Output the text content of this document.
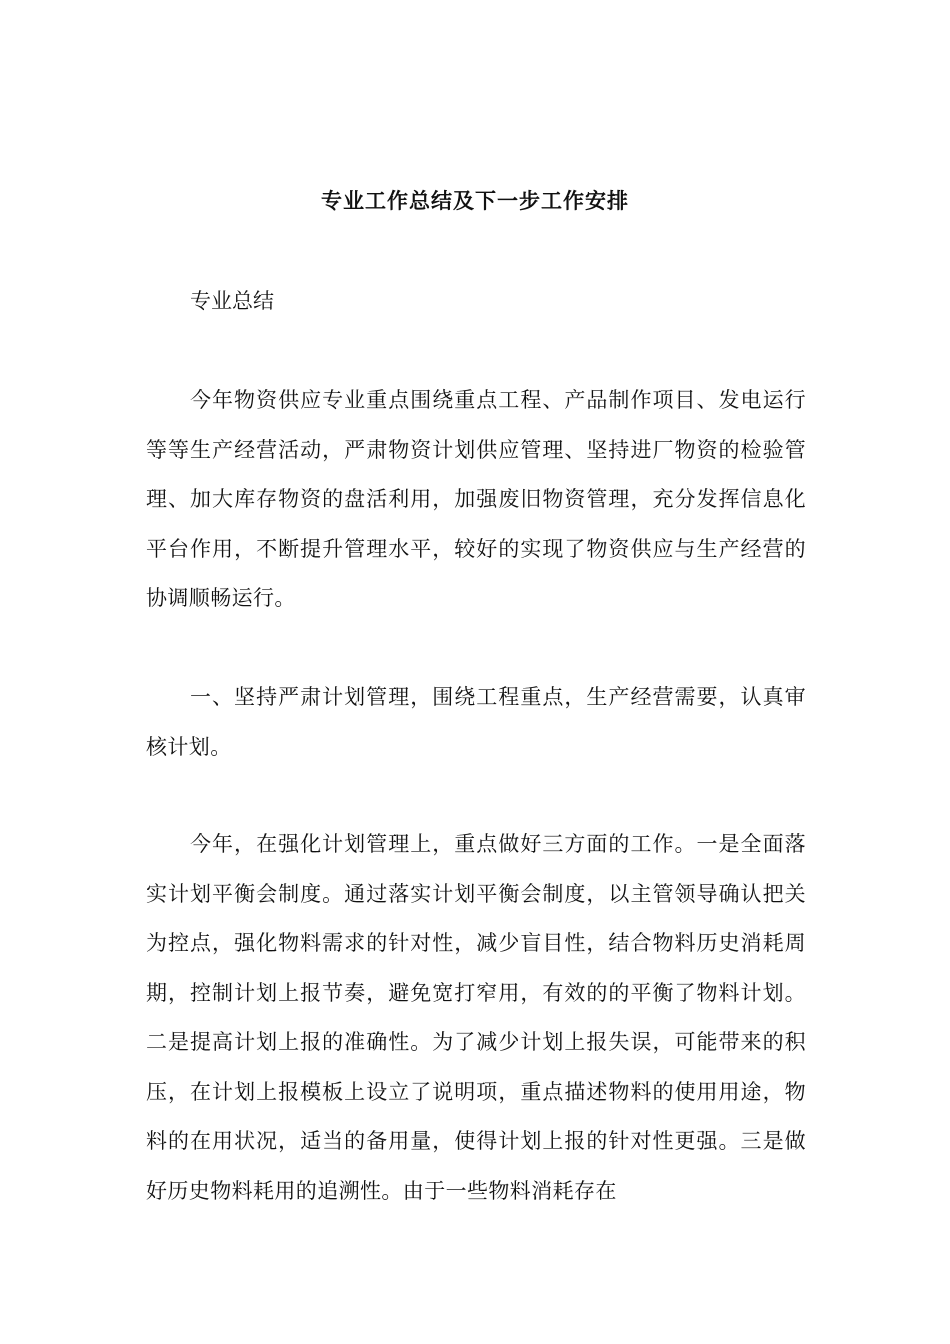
专业工作总结及下一步工作安排
专业总结

今年物资供应专业重点围绕重点工程、产品制作项目、发电运行等等生产经营活动，严肃物资计划供应管理、坚持进厂物资的检验管理、加大库存物资的盘活利用，加强废旧物资管理，充分发挥信息化平台作用，不断提升管理水平，较好的实现了物资供应与生产经营的协调顺畅运行。

一、坚持严肃计划管理，围绕工程重点，生产经营需要，认真审核计划。

今年，在强化计划管理上，重点做好三方面的工作。一是全面落实计划平衡会制度。通过落实计划平衡会制度，以主管领导确认把关为控点，强化物料需求的针对性，减少盲目性，结合物料历史消耗周期，控制计划上报节奏，避免宽打窄用，有效的的平衡了物料计划。二是提高计划上报的准确性。为了减少计划上报失误，可能带来的积压，在计划上报模板上设立了说明项，重点描述物料的使用用途，物料的在用状况，适当的备用量，使得计划上报的针对性更强。三是做好历史物料耗用的追溯性。由于一些物料消耗存在
